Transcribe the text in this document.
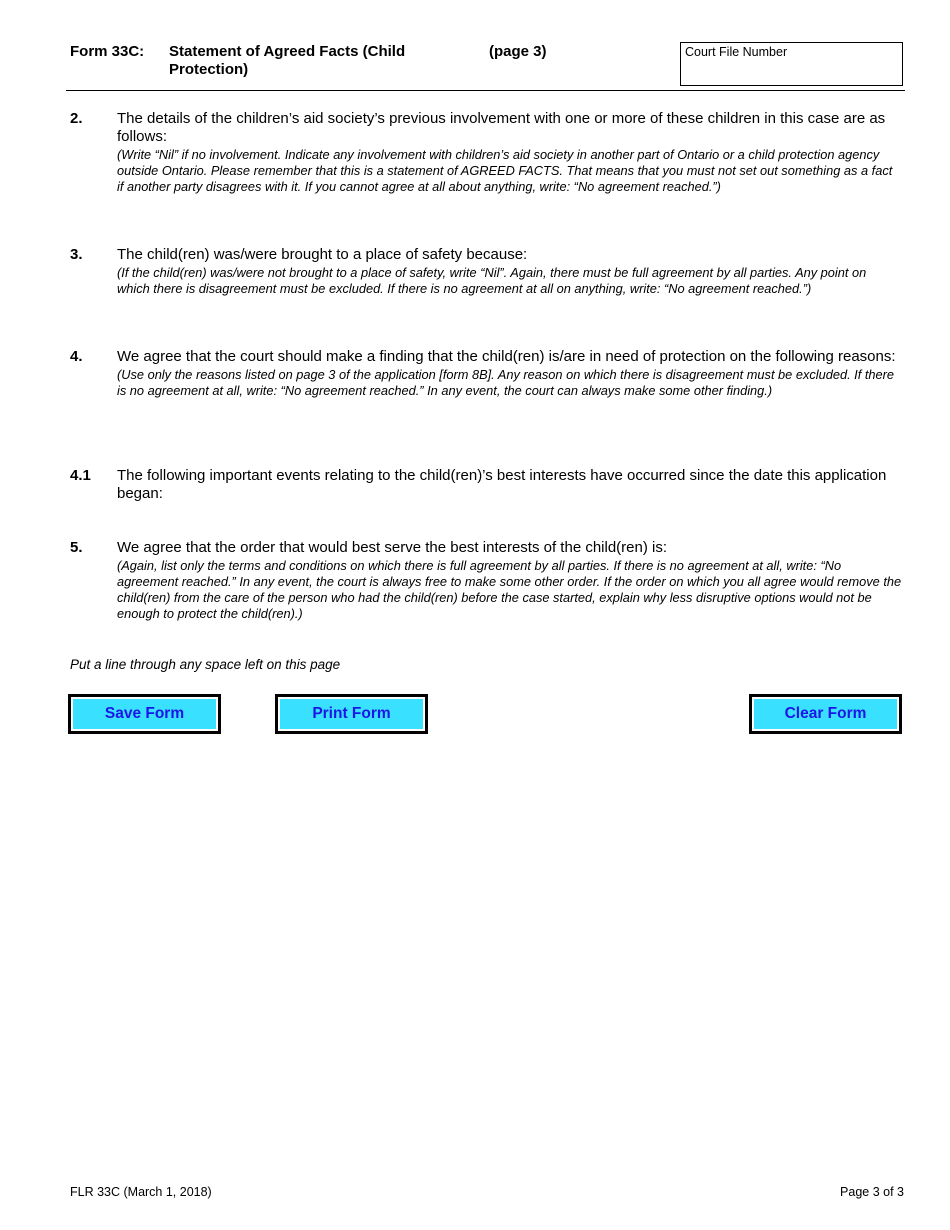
Form 33C: Statement of Agreed Facts (Child Protection)
(page 3)	Court File Number
2. The details of the children’s aid society’s previous involvement with one or more of these children in this case are as follows:
(Write “Nil” if no involvement. Indicate any involvement with children’s aid society in another part of Ontario or a child protection agency outside Ontario. Please remember that this is a statement of AGREED FACTS. That means that you must not set out something as a fact if another party disagrees with it. If you cannot agree at all about anything, write: “No agreement reached.”)
3. The child(ren) was/were brought to a place of safety because:
(If the child(ren) was/were not brought to a place of safety, write “Nil”. Again, there must be full agreement by all parties. Any point on which there is disagreement must be excluded. If there is no agreement at all on anything, write: “No agreement reached.”)
4. We agree that the court should make a finding that the child(ren) is/are in need of protection on the following reasons:
(Use only the reasons listed on page 3 of the application [form 8B]. Any reason on which there is disagreement must be excluded. If there is no agreement at all, write: “No agreement reached.” In any event, the court can always make some other finding.)
4.1 The following important events relating to the child(ren)’s best interests have occurred since the date this application began:
5. We agree that the order that would best serve the best interests of the child(ren) is:
(Again, list only the terms and conditions on which there is full agreement by all parties. If there is no agreement at all, write: “No agreement reached.” In any event, the court is always free to make some other order. If the order on which you all agree would remove the child(ren) from the care of the person who had the child(ren) before the case started, explain why less disruptive options would not be enough to protect the child(ren).)
Put a line through any space left on this page
Save Form	Print Form	Clear Form
FLR 33C (March 1, 2018)	Page 3 of 3
